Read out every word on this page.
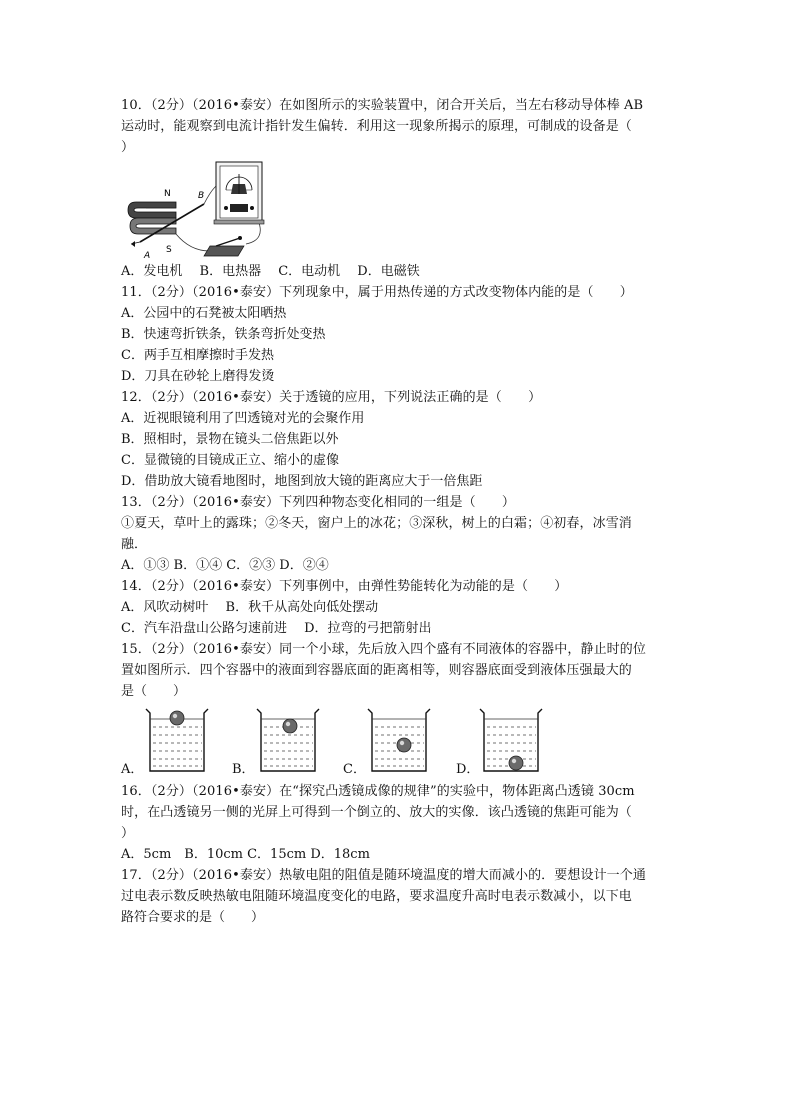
10．（2分）（2016•泰安）在如图所示的实验装置中，闭合开关后，当左右移动导体棒 AB
运动时，能观察到电流计指针发生偏转．利用这一现象所揭示的原理，可制成的设备是（
）
N
S
A
B
A．发电机　 B．电热器　 C．电动机　 D．电磁铁
11．（2分）（2016•泰安）下列现象中，属于用热传递的方式改变物体内能的是（　　）
A．公园中的石凳被太阳晒热
B．快速弯折铁条，铁条弯折处变热
C．两手互相摩擦时手发热
D．刀具在砂轮上磨得发烫
12．（2分）（2016•泰安）关于透镜的应用，下列说法正确的是（　　）
A．近视眼镜利用了凹透镜对光的会聚作用
B．照相时，景物在镜头二倍焦距以外
C．显微镜的目镜成正立、缩小的虚像
D．借助放大镜看地图时，地图到放大镜的距离应大于一倍焦距
13．（2分）（2016•泰安）下列四种物态变化相同的一组是（　　）
①夏天，草叶上的露珠；②冬天，窗户上的冰花；③深秋，树上的白霜；④初春，冰雪消
融．
A．①③ B．①④ C．②③ D．②④
14．（2分）（2016•泰安）下列事例中，由弹性势能转化为动能的是（　　）
A．风吹动树叶　 B．秋千从高处向低处摆动
C．汽车沿盘山公路匀速前进　 D．拉弯的弓把箭射出
15．（2分）（2016•泰安）同一个小球，先后放入四个盛有不同液体的容器中，静止时的位
置如图所示．四个容器中的液面到容器底面的距离相等，则容器底面受到液体压强最大的
是（　　）
A．	B．	C．	D．
16．（2分）（2016•泰安）在“探究凸透镜成像的规律”的实验中，物体距离凸透镜 30cm
时，在凸透镜另一侧的光屏上可得到一个倒立的、放大的实像．该凸透镜的焦距可能为（
）
A．5cm　B．10cm C．15cm D．18cm
17．（2分）（2016•泰安）热敏电阻的阻值是随环境温度的增大而减小的．要想设计一个通
过电表示数反映热敏电阻随环境温度变化的电路，要求温度升高时电表示数减小，以下电
路符合要求的是（　　）
